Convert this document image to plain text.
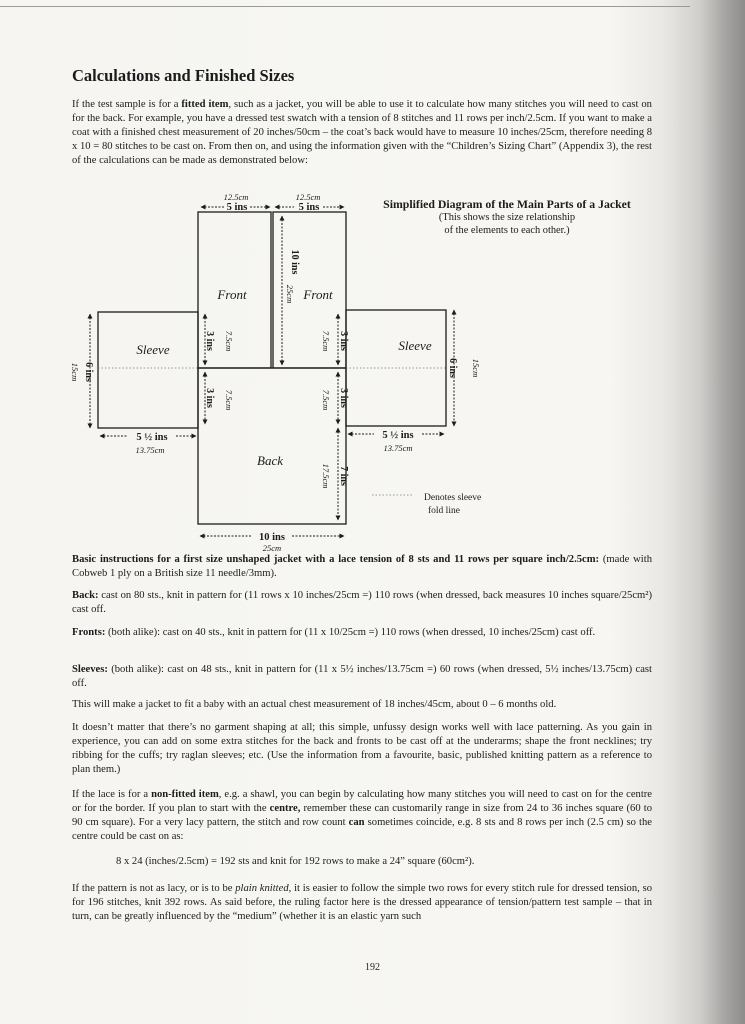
Calculations and Finished Sizes

If the test sample is for a fitted item, such as a jacket, you will be able to use it to calculate how many stitches you will need to cast on for the back. For example, you have a dressed test swatch with a tension of 8 stitches and 11 rows per inch/2.5cm. If you want to make a coat with a finished chest measurement of 20 inches/50cm – the coat’s back would have to measure 10 inches/25cm, therefore needing 8 x 10 = 80 stitches to be cast on. From then on, and using the information given with the “Children’s Sizing Chart” (Appendix 3), the rest of the calculations can be made as demonstrated below:

Simplified Diagram of the Main Parts of a Jacket

(This shows the size relationship
of the elements to each other.)

12.5cm
5 ins
12.5cm
5 ins
Front	Front
Back
Sleeve	Sleeve
10 ins
25cm
3 ins 7.5cm	3 ins
7.5cm
3 ins 7.5cm	3 ins
7.5cm
7 ins
17.5cm
6 ins
15cm	6 ins 15cm
5 ½ ins
13.75cm
5 ½ ins
13.75cm
10 ins
25cm
Denotes sleeve
fold line

Basic instructions for a first size unshaped jacket with a lace tension of 8 sts and 11 rows per square inch/2.5cm: (made with Cobweb 1 ply on a British size 11 needle/3mm).

Back: cast on 80 sts., knit in pattern for (11 rows x 10 inches/25cm =) 110 rows (when dressed, back measures 10 inches square/25cm²) cast off.

Fronts: (both alike): cast on 40 sts., knit in pattern for (11 x 10/25cm =) 110 rows (when dressed, 10 inches/25cm) cast off.

Sleeves: (both alike): cast on 48 sts., knit in pattern for (11 x 5½ inches/13.75cm =) 60 rows (when dressed, 5½ inches/13.75cm) cast off.

This will make a jacket to fit a baby with an actual chest measurement of 18 inches/45cm, about 0 – 6 months old.

It doesn’t matter that there’s no garment shaping at all; this simple, unfussy design works well with lace patterning. As you gain in experience, you can add on some extra stitches for the back and fronts to be cast off at the underarms; shape the front necklines; try ribbing for the cuffs; try raglan sleeves; etc. (Use the information from a favourite, basic, published knitting pattern as a reference to plan them.)

If the lace is for a non-fitted item, e.g. a shawl, you can begin by calculating how many stitches you will need to cast on for the centre or for the border. If you plan to start with the centre, remember these can customarily range in size from 24 to 36 inches square (60 to 90 cm square). For a very lacy pattern, the stitch and row count can sometimes coincide, e.g. 8 sts and 8 rows per inch (2.5 cm) so the centre could be cast on as:

8 x 24 (inches/2.5cm) = 192 sts and knit for 192 rows to make a 24” square (60cm²).

If the pattern is not as lacy, or is to be plain knitted, it is easier to follow the simple two rows for every stitch rule for dressed tension, so for 196 stitches, knit 392 rows. As said before, the ruling factor here is the dressed appearance of tension/pattern test sample – that in turn, can be greatly influenced by the “medium” (whether it is an elastic yarn such

192
